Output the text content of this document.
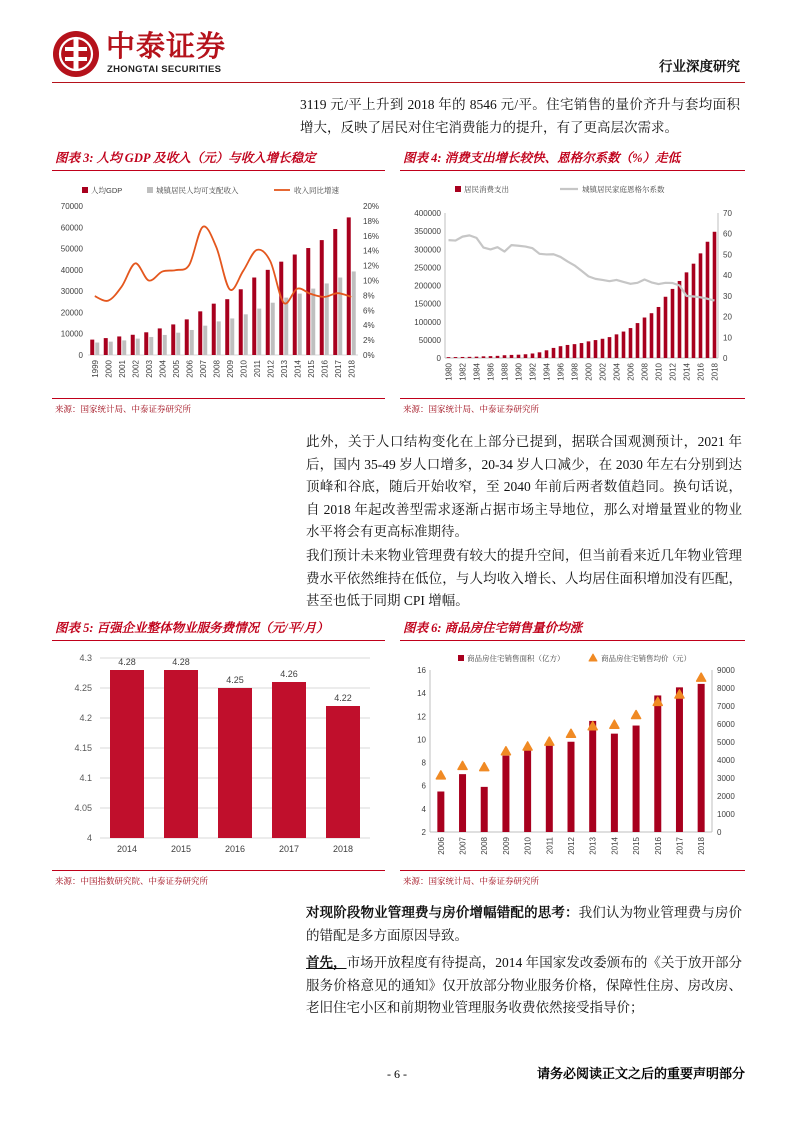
中泰证券
ZHONGTAI SECURITIES	行业深度研究
3119 元/平上升到 2018 年的 8546 元/平。住宅销售的量价齐升与套均面积增大，反映了居民对住宅消费能力的提升，有了更高层次需求。
图表 3: 人均 GDP 及收入（元）与收入增长稳定
0
10000
20000
30000
40000
50000
60000
70000
0%
2%
4%
6%
8%
10%
12%
14%
16%
18%
20%
1999 2000 2001 2002 2003 2004 2005 2006 2007 2008 2009 2010 2011 2012 2013 2014 2015 2016 2017 2018
人均GDP	城镇居民人均可支配收入	收入同比增速
来源：国家统计局、中泰证券研究所
图表 4: 消费支出增长较快、恩格尔系数（%）走低
0
50000
100000
150000
200000
250000
300000
350000
400000
0
10
20
30
40
50
60
70
1980 1982 1984 1986 1988 1990 1992 1994 1996 1998 2000 2002 2004 2006 2008 2010 2012 2014 2016 2018
居民消费支出	城镇居民家庭恩格尔系数
来源：国家统计局、中泰证券研究所
此外，关于人口结构变化在上部分已提到，据联合国观测预计，2021 年后，国内 35-49 岁人口增多，20-34 岁人口减少，在 2030 年左右分别到达顶峰和谷底，随后开始收窄，至 2040 年前后两者数值趋同。换句话说，自 2018 年起改善型需求逐渐占据市场主导地位，那么对增量置业的物业水平将会有更高标准期待。
我们预计未来物业管理费有较大的提升空间，但当前看来近几年物业管理费水平依然维持在低位，与人均收入增长、人均居住面积增加没有匹配，甚至也低于同期 CPI 增幅。
图表 5: 百强企业整体物业服务费情况（元/平/月）
4
4.05
4.1
4.15
4.2
4.25
4.3	4.28
2014
4.28
2015
4.25
2016
4.26
2017
4.22
2018
来源：中国指数研究院、中泰证券研究所
图表 6: 商品房住宅销售量价均涨
2
4
6
8
10
12
14
16
0
1000
2000
3000
4000
5000
6000
7000
8000
9000
2006 2007 2008 2009 2010 2011 2012 2013 2014 2015 2016 2017 2018
商品房住宅销售面积（亿方）	商品房住宅销售均价（元）
来源：国家统计局、中泰证券研究所
对现阶段物业管理费与房价增幅错配的思考：我们认为物业管理费与房价的错配是多方面原因导致。
首先，市场开放程度有待提高，2014 年国家发改委颁布的《关于放开部分服务价格意见的通知》仅开放部分物业服务价格，保障性住房、房改房、老旧住宅小区和前期物业管理服务收费依然接受指导价；
- 6 -	请务必阅读正文之后的重要声明部分
